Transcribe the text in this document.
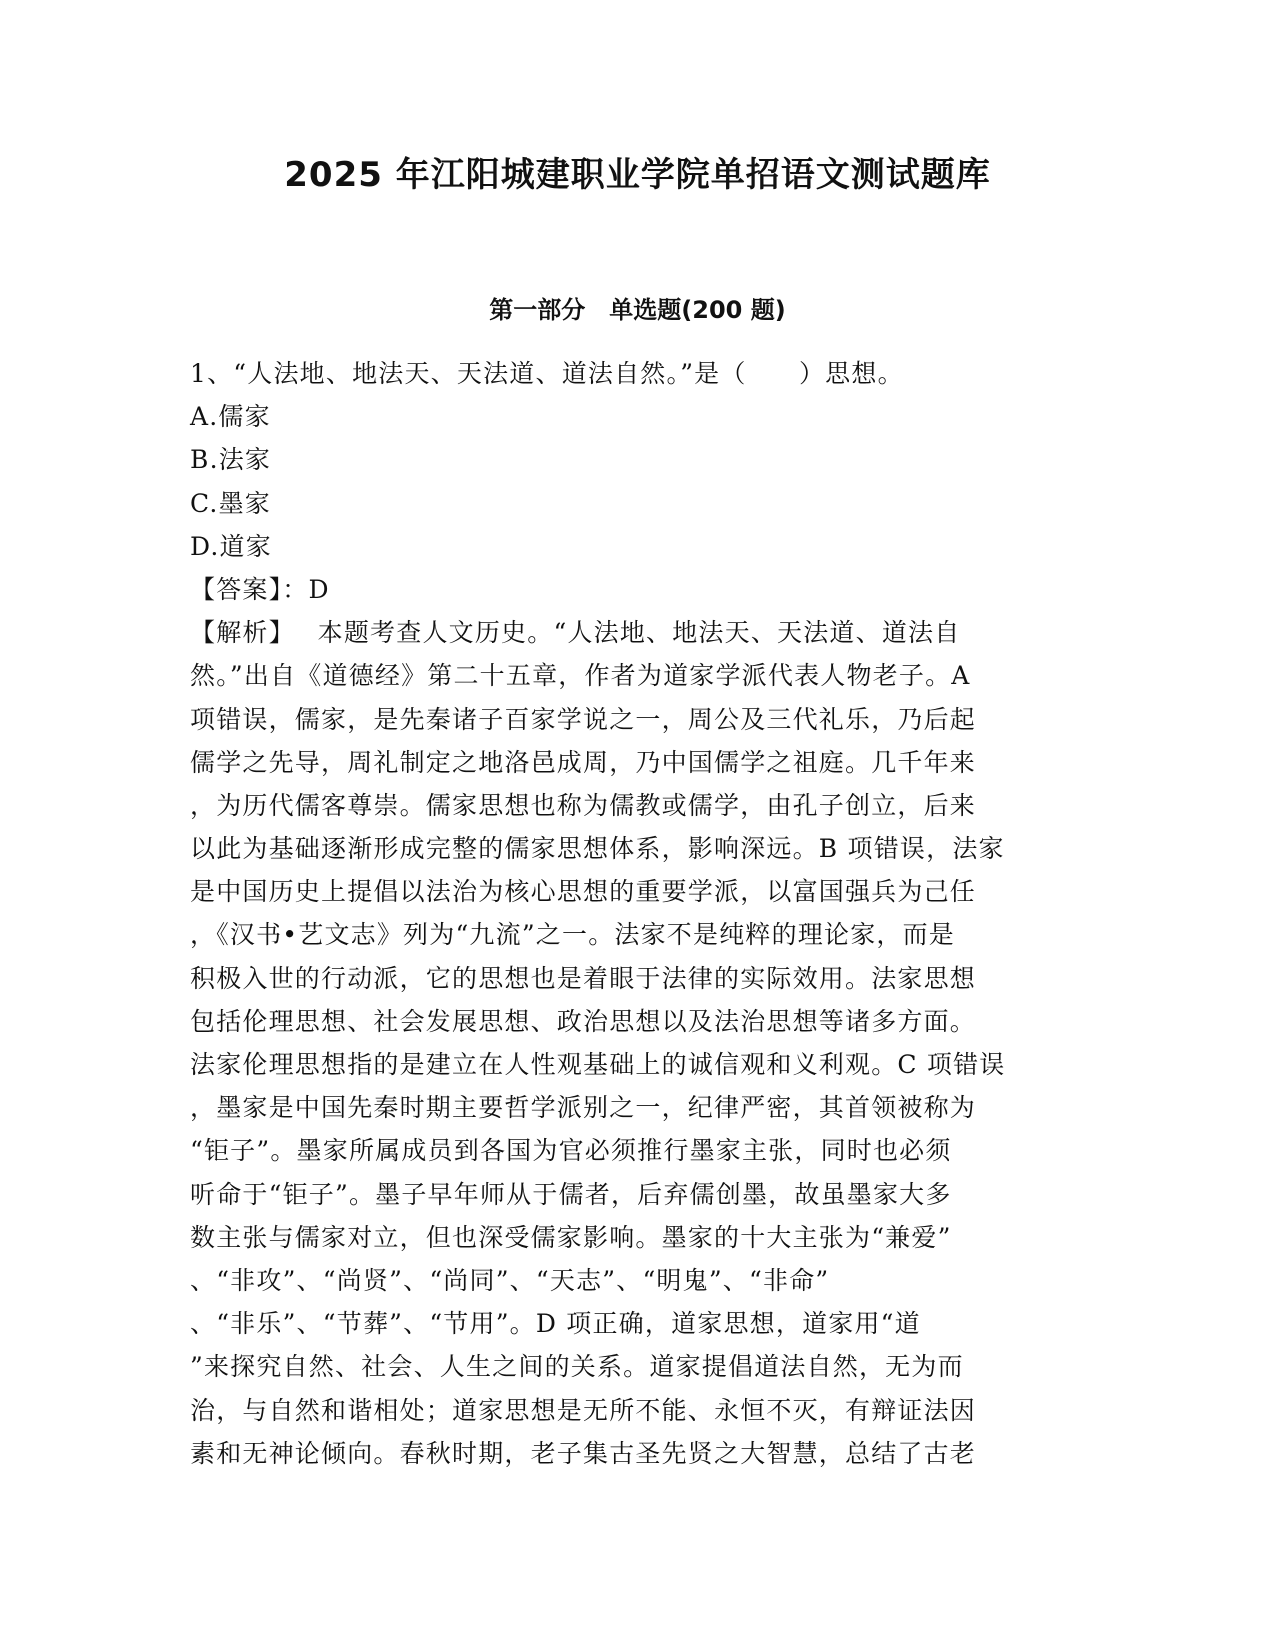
2025 年江阳城建职业学院单招语文测试题库
第一部分　单选题(200 题)
1、“人法地、地法天、天法道、道法自然。”是（　　）思想。
A.儒家
B.法家
C.墨家
D.道家
【答案】：D
【解析】　 本题考查人文历史。“人法地、地法天、天法道、道法自
然。”出自《道德经》第二十五章，作者为道家学派代表人物老子。A
项错误，儒家，是先秦诸子百家学说之一，周公及三代礼乐，乃后起
儒学之先导，周礼制定之地洛邑成周，乃中国儒学之祖庭。几千年来
，为历代儒客尊崇。儒家思想也称为儒教或儒学，由孔子创立，后来
以此为基础逐渐形成完整的儒家思想体系，影响深远。B 项错误，法家
是中国历史上提倡以法治为核心思想的重要学派，以富国强兵为己任
，《汉书•艺文志》列为“九流”之一。法家不是纯粹的理论家，而是
积极入世的行动派，它的思想也是着眼于法律的实际效用。法家思想
包括伦理思想、社会发展思想、政治思想以及法治思想等诸多方面。
法家伦理思想指的是建立在人性观基础上的诚信观和义利观。C 项错误
，墨家是中国先秦时期主要哲学派别之一，纪律严密，其首领被称为
“钜子”。墨家所属成员到各国为官必须推行墨家主张，同时也必须
听命于“钜子”。墨子早年师从于儒者，后弃儒创墨，故虽墨家大多
数主张与儒家对立，但也深受儒家影响。墨家的十大主张为“兼爱”
、“非攻”、“尚贤”、“尚同”、“天志”、“明鬼”、“非命”
、“非乐”、“节葬”、“节用”。D 项正确，道家思想，道家用“道
”来探究自然、社会、人生之间的关系。道家提倡道法自然，无为而
治，与自然和谐相处；道家思想是无所不能、永恒不灭，有辩证法因
素和无神论倾向。春秋时期，老子集古圣先贤之大智慧，总结了古老
